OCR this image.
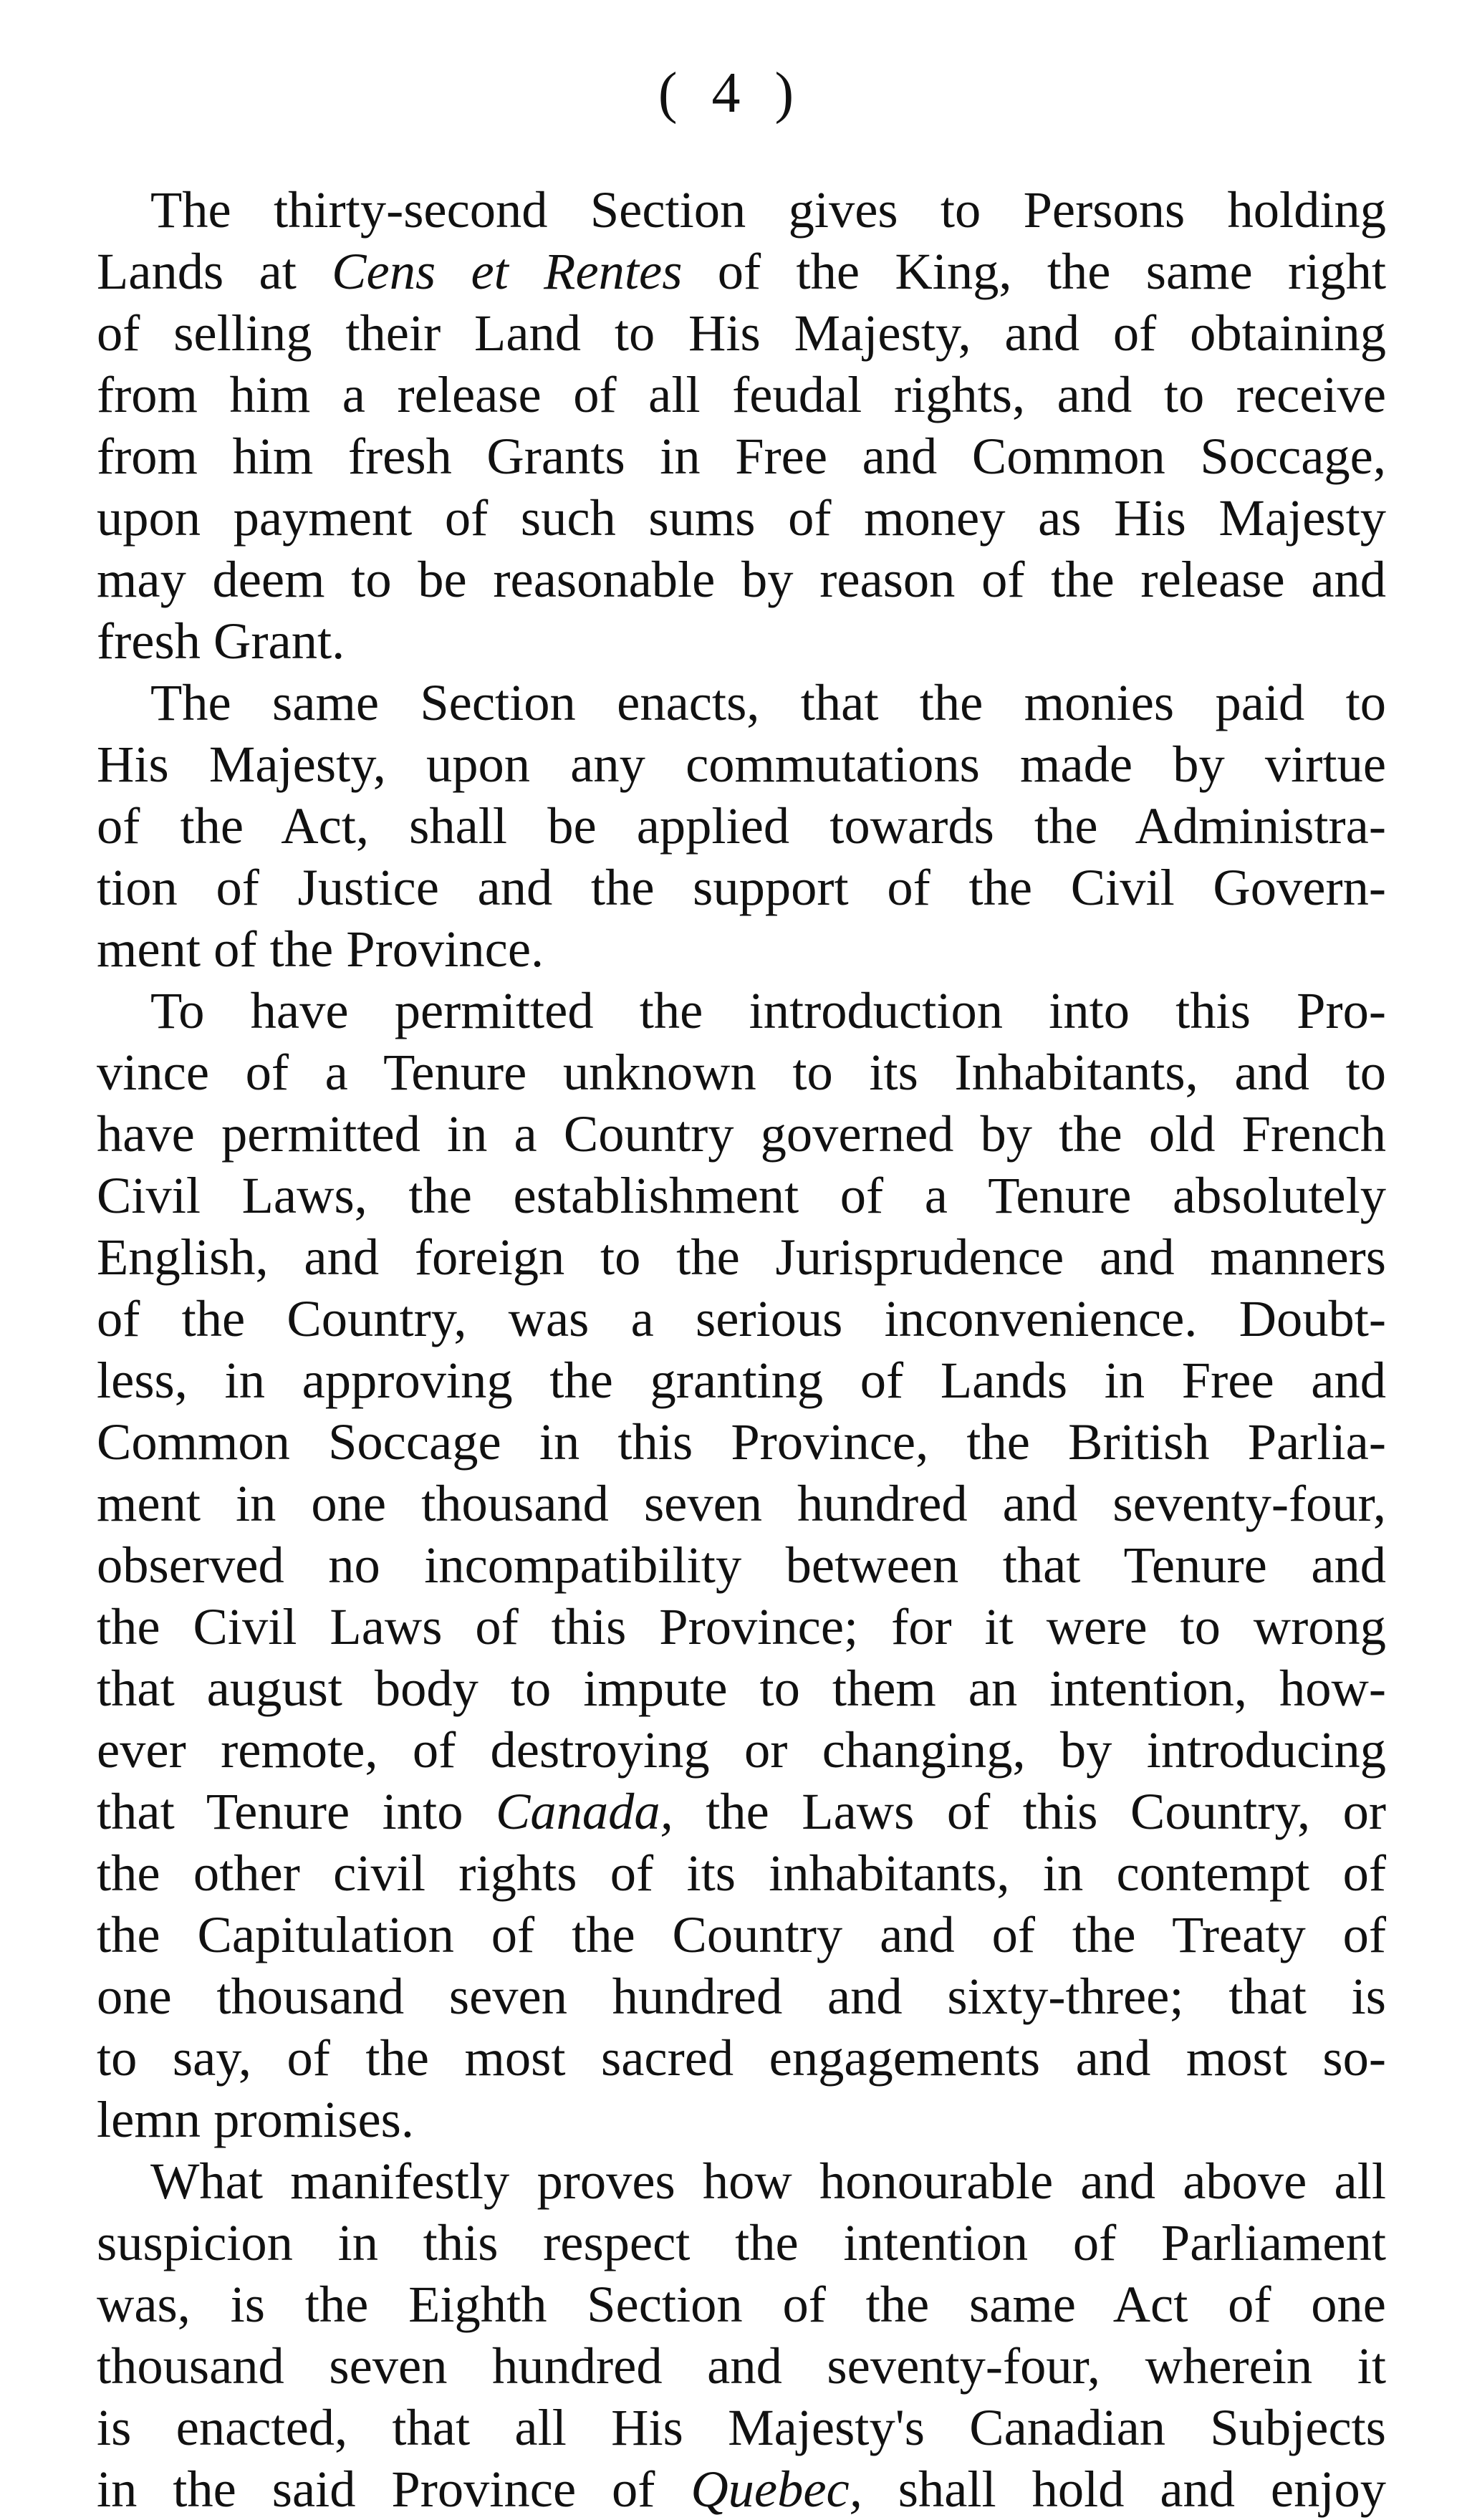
( 4 )

The thirty-second Section gives to Persons holding
Lands at Cens et Rentes of the King, the same right
of selling their Land to His Majesty, and of obtaining
from him a release of all feudal rights, and to receive
from him fresh Grants in Free and Common Soccage,
upon payment of such sums of money as His Majesty
may deem to be reasonable by reason of the release and
fresh Grant.

The same Section enacts, that the monies paid to
His Majesty, upon any commutations made by virtue
of the Act, shall be applied towards the Administra-
tion of Justice and the support of the Civil Govern-
ment of the Province.

To have permitted the introduction into this Pro-
vince of a Tenure unknown to its Inhabitants, and to
have permitted in a Country governed by the old French
Civil Laws, the establishment of a Tenure absolutely
English, and foreign to the Jurisprudence and manners
of the Country, was a serious inconvenience. Doubt-
less, in approving the granting of Lands in Free and
Common Soccage in this Province, the British Parlia-
ment in one thousand seven hundred and seventy-four,
observed no incompatibility between that Tenure and
the Civil Laws of this Province; for it were to wrong
that august body to impute to them an intention, how-
ever remote, of destroying or changing, by introducing
that Tenure into Canada, the Laws of this Country, or
the other civil rights of its inhabitants, in contempt of
the Capitulation of the Country and of the Treaty of
one thousand seven hundred and sixty-three; that is
to say, of the most sacred engagements and most so-
lemn promises.

What manifestly proves how honourable and above all
suspicion in this respect the intention of Parliament
was, is the Eighth Section of the same Act of one
thousand seven hundred and seventy-four, wherein it
is enacted, that all His Majesty's Canadian Subjects
in the said Province of Quebec, shall hold and enjoy
